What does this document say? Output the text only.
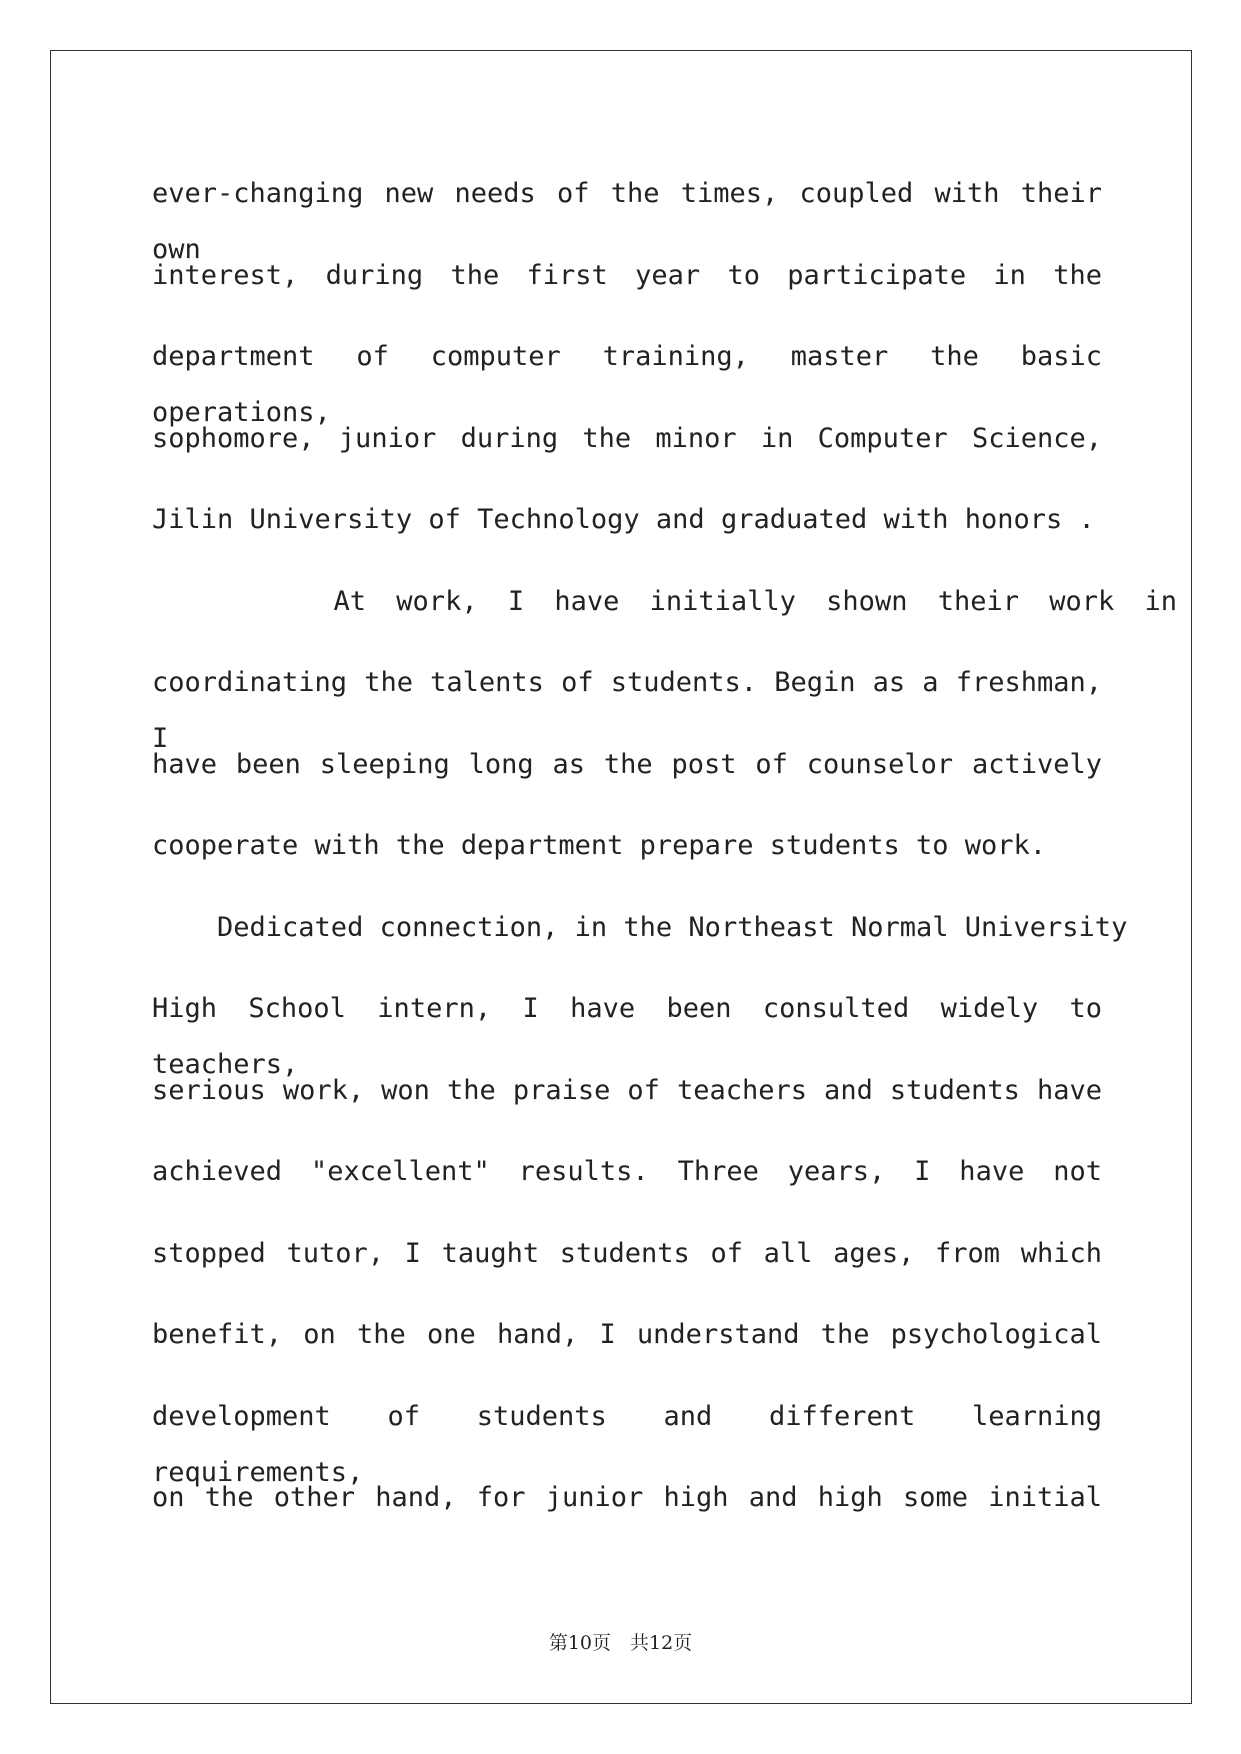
ever-changing new needs of the times, coupled with their own
interest, during the first year to participate in the
department of computer training, master the basic operations,
sophomore, junior during the minor in Computer Science,
Jilin University of Technology and graduated with honors .
At work, I have initially shown their work in
coordinating the talents of students. Begin as a freshman, I
have been sleeping long as the post of counselor actively
cooperate with the department prepare students to work.
Dedicated connection, in the Northeast Normal University
High School intern, I have been consulted widely to teachers,
serious work, won the praise of teachers and students have
achieved "excellent" results. Three years, I have not
stopped tutor, I taught students of all ages, from which
benefit, on the one hand, I understand the psychological
development of students and different learning requirements,
on the other hand, for junior high and high some initial
第10页　共12页
